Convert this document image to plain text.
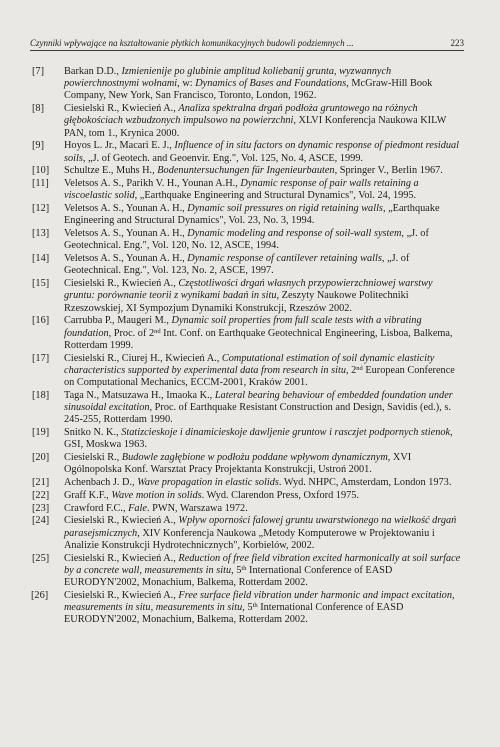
Czynniki wpływające na kształtowanie płytkich komunikacyjnych budowli podziemnych ...	223
[7] Barkan D.D., Izmienienije po glubinie amplitud koliebanij grunta, wyzwannych powierchnostnymi wołnami, w: Dynamics of Bases and Foundations, McGraw-Hill Book Company, New York, San Francisco, Toronto, London, 1962.
[8] Ciesielski R., Kwiecień A., Analiza spektralna drgań podłoża gruntowego na różnych głębokościach wzbudzonych impulsowo na powierzchni, XLVI Konferencja Naukowa KILW PAN, tom 1., Krynica 2000.
[9] Hoyos L. Jr., Macari E. J., Influence of in situ factors on dynamic response of piedmont residual soils, „J. of Geotech. and Geoenvir. Eng.", Vol. 125, No. 4, ASCE, 1999.
[10] Schultze E., Muhs H., Bodenuntersuchungen für Ingenieurbauten, Springer V., Berlin 1967.
[11] Veletsos A. S., Parikh V. H., Younan A.H., Dynamic response of pair walls retaining a viscoelastic solid, „Earthquake Engineering and Structural Dynamics", Vol. 24, 1995.
[12] Veletsos A. S., Younan A. H., Dynamic soil pressures on rigid retaining walls, „Earthquake Engineering and Structural Dynamics", Vol. 23, No. 3, 1994.
[13] Veletsos A. S., Younan A. H., Dynamic modeling and response of soil-wall system, „J. of Geotechnical. Eng.", Vol. 120, No. 12, ASCE, 1994.
[14] Veletsos A. S., Younan A. H., Dynamic response of cantilever retaining walls, „J. of Geotechnical. Eng.", Vol. 123, No. 2, ASCE, 1997.
[15] Ciesielski R., Kwiecień A., Częstotliwości drgań własnych przypowierzchniowej warstwy gruntu: porównanie teorii z wynikami badań in situ, Zeszyty Naukowe Politechniki Rzeszowskiej, XI Sympozjum Dynamiki Konstrukcji, Rzeszów 2002.
[16] Carrubba P., Maugeri M., Dynamic soil properties from full scale tests with a vibrating foundation, Proc. of 2nd Int. Conf. on Earthquake Geotechnical Engineering, Lisboa, Balkema, Rotterdam 1999.
[17] Ciesielski R., Ciurej H., Kwiecień A., Computational estimation of soil dynamic elasticity characteristics supported by experimental data from research in situ, 2nd European Conference on Computational Mechanics, ECCM-2001, Kraków 2001.
[18] Taga N., Matsuzawa H., Imaoka K., Lateral bearing behaviour of embedded foundation under sinusoidal excitation, Proc. of Earthquake Resistant Construction and Design, Savidis (ed.), s. 245-255, Rotterdam 1990.
[19] Snitko N. K., Statizcieskoje i dinamicieskoje dawljenie gruntow i rasczjet podpornych stienok, GSI, Moskwa 1963.
[20] Ciesielski R., Budowle zagłębione w podłożu poddane wpływom dynamicznym, XVI Ogólnopolska Konf. Warsztat Pracy Projektanta Konstrukcji, Ustroń 2001.
[21] Achenbach J. D., Wave propagation in elastic solids. Wyd. NHPC, Amsterdam, London 1973.
[22] Graff K.F., Wave motion in solids. Wyd. Clarendon Press, Oxford 1975.
[23] Crawford F.C., Fale. PWN, Warszawa 1972.
[24] Ciesielski R., Kwiecień A., Wpływ oporności falowej gruntu uwarstwionego na wielkość drgań parasejsmicznych, XIV Konferencja Naukowa „Metody Komputerowe w Projektowaniu i Analizie Konstrukcji Hydrotechnicznych", Korbielów, 2002.
[25] Ciesielski R., Kwiecień A., Reduction of free field vibration excited harmonically at soil surface by a concrete wall, measurements in situ, 5th International Conference of EASD EURODYN'2002, Monachium, Balkema, Rotterdam 2002.
[26] Ciesielski R., Kwiecień A., Free surface field vibration under harmonic and impact excitation, measurements in situ, measurements in situ, 5th International Conference of EASD EURODYN'2002, Monachium, Balkema, Rotterdam 2002.
